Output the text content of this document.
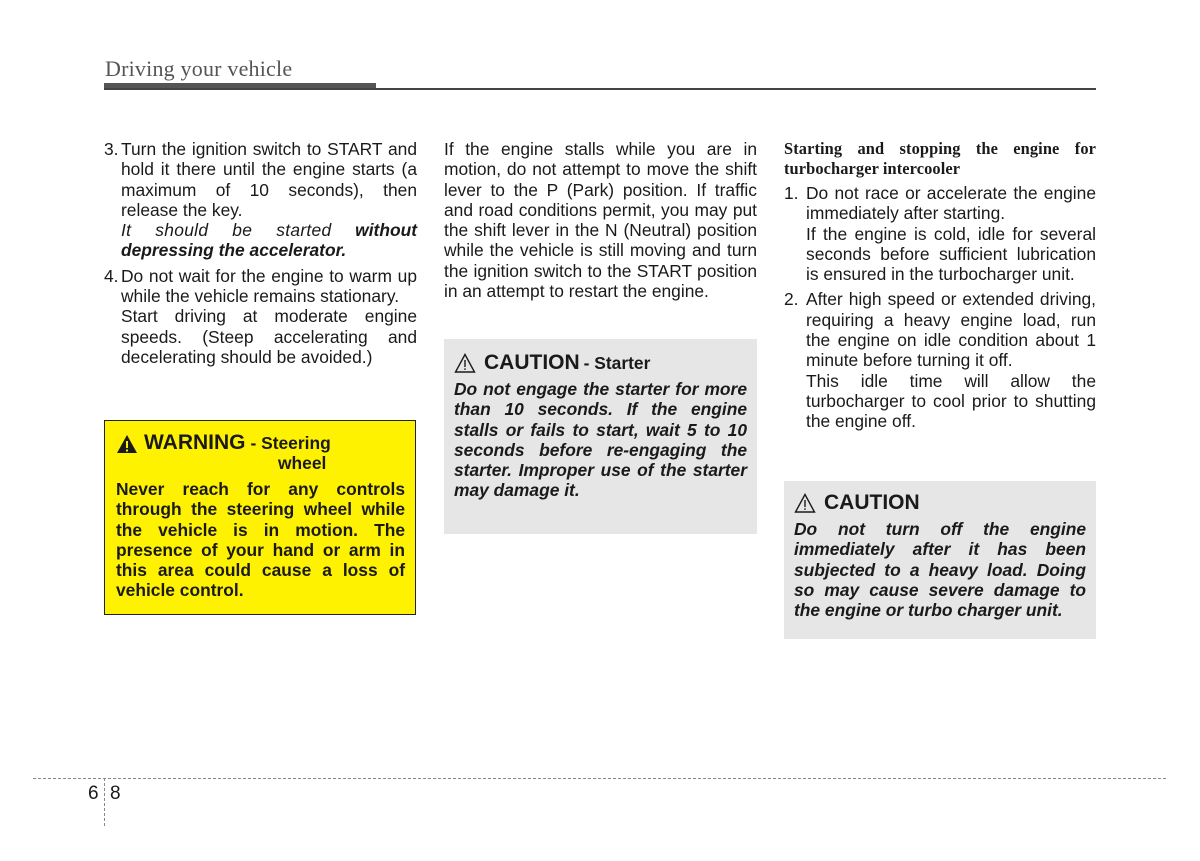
Driving your vehicle
3. Turn the ignition switch to START and hold it there until the engine starts (a maximum of 10 seconds), then release the key.

It should be started without depressing the accelerator.

4. Do not wait for the engine to warm up while the vehicle remains stationary.

Start driving at moderate engine speeds. (Steep accelerating and decelerating should be avoided.)

WARNING - Steering
wheel
Never reach for any controls through the steering wheel while the vehicle is in motion. The presence of your hand or arm in this area could cause a loss of vehicle control.

If the engine stalls while you are in motion, do not attempt to move the shift lever to the P (Park) position. If traffic and road conditions permit, you may put the shift lever in the N (Neutral) position while the vehicle is still moving and turn the ignition switch to the START position in an attempt to restart the engine.

CAUTION - Starter
Do not engage the starter for more than 10 seconds. If the engine stalls or fails to start, wait 5 to 10 seconds before re-engaging the starter. Improper use of the starter may damage it.

Starting and stopping the engine for turbocharger intercooler

1. Do not race or accelerate the engine immediately after starting.

If the engine is cold, idle for several seconds before sufficient lubrication is ensured in the turbocharger unit.

2. After high speed or extended driving, requiring a heavy engine load, run the engine on idle condition about 1 minute before turning it off.

This idle time will allow the turbocharger to cool prior to shutting the engine off.

CAUTION
Do not turn off the engine immediately after it has been subjected to a heavy load. Doing so may cause severe damage to the engine or turbo charger unit.
6 8
